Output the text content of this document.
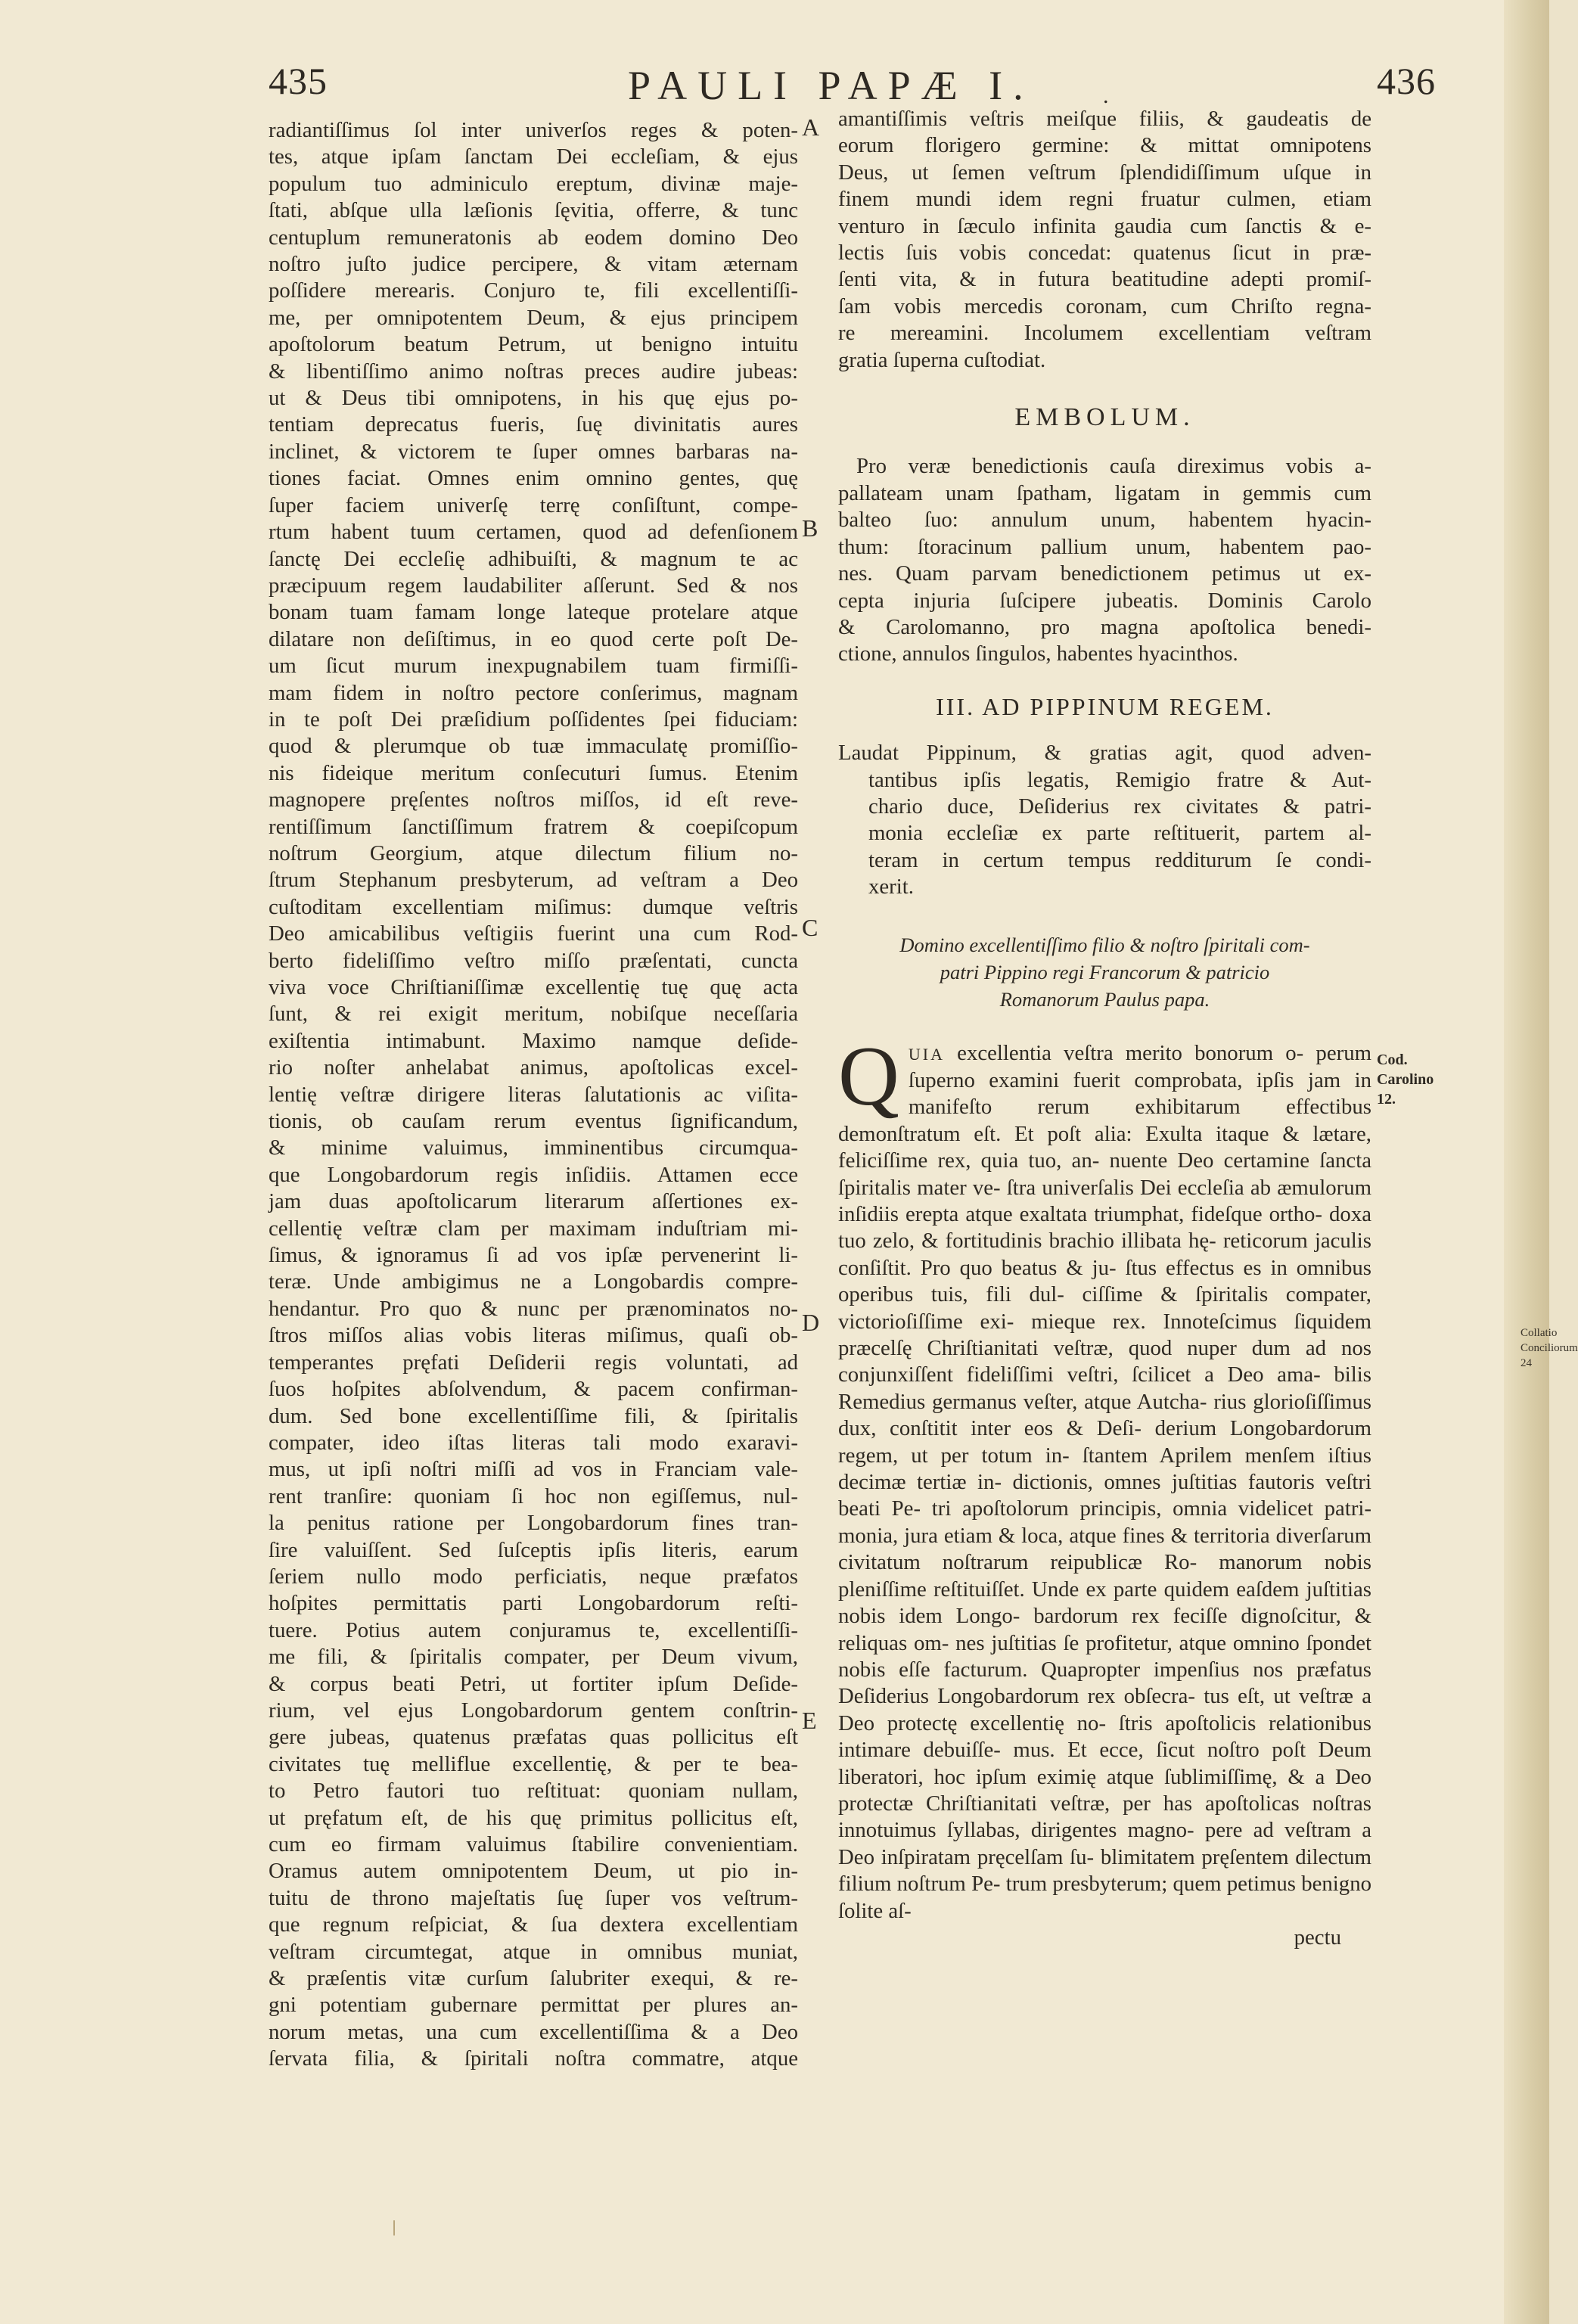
435	PAULI PAPÆ I.	.	436
radiantiſſimus ſol inter univerſos reges & poten-
tes, atque ipſam ſanctam Dei eccleſiam, & ejus
populum tuo adminiculo ereptum, divinæ maje-
ſtati, abſque ulla læſionis ſęvitia, offerre, & tunc
centuplum remuneratonis ab eodem domino Deo
noſtro juſto judice percipere, & vitam æternam
poſſidere merearis. Conjuro te, fili excellentiſſi-
me, per omnipotentem Deum, & ejus principem
apoſtolorum beatum Petrum, ut benigno intuitu
& libentiſſimo animo noſtras preces audire jubeas:
ut & Deus tibi omnipotens, in his quę ejus po-
tentiam deprecatus fueris, ſuę divinitatis aures
inclinet, & victorem te ſuper omnes barbaras na-
tiones faciat. Omnes enim omnino gentes, quę
ſuper faciem univerſę terrę conſiſtunt, compe-
rtum habent tuum certamen, quod ad defenſionem
ſanctę Dei eccleſię adhibuiſti, & magnum te ac
præcipuum regem laudabiliter aſſerunt. Sed & nos
bonam tuam famam longe lateque protelare atque
dilatare non deſiſtimus, in eo quod certe poſt De-
um ſicut murum inexpugnabilem tuam firmiſſi-
mam fidem in noſtro pectore conſerimus, magnam
in te poſt Dei præſidium poſſidentes ſpei fiduciam:
quod & plerumque ob tuæ immaculatę promiſſio-
nis fideique meritum conſecuturi ſumus. Etenim
magnopere pręſentes noſtros miſſos, id eſt reve-
rentiſſimum ſanctiſſimum fratrem & coepiſcopum
noſtrum Georgium, atque dilectum filium no-
ſtrum Stephanum presbyterum, ad veſtram a Deo
cuſtoditam excellentiam miſimus: dumque veſtris
Deo amicabilibus veſtigiis fuerint una cum Rod-
berto fideliſſimo veſtro miſſo præſentati, cuncta
viva voce Chriſtianiſſimæ excellentię tuę quę acta
ſunt, & rei exigit meritum, nobiſque neceſſaria
exiſtentia intimabunt. Maximo namque deſide-
rio noſter anhelabat animus, apoſtolicas excel-
lentię veſtræ dirigere literas ſalutationis ac viſita-
tionis, ob cauſam rerum eventus ſignificandum,
& minime valuimus, imminentibus circumqua-
que Longobardorum regis inſidiis. Attamen ecce
jam duas apoſtolicarum literarum aſſertiones ex-
cellentię veſtræ clam per maximam induſtriam mi-
ſimus, & ignoramus ſi ad vos ipſæ pervenerint li-
teræ. Unde ambigimus ne a Longobardis compre-
hendantur. Pro quo & nunc per prænominatos no-
ſtros miſſos alias vobis literas miſimus, quaſi ob-
temperantes pręfati Deſiderii regis voluntati, ad
ſuos hoſpites abſolvendum, & pacem confirman-
dum. Sed bone excellentiſſime fili, & ſpiritalis
compater, ideo iſtas literas tali modo exaravi-
mus, ut ipſi noſtri miſſi ad vos in Franciam vale-
rent tranſire: quoniam ſi hoc non egiſſemus, nul-
la penitus ratione per Longobardorum fines tran-
ſire valuiſſent. Sed ſuſceptis ipſis literis, earum
ſeriem nullo modo perficiatis, neque præfatos
hoſpites permittatis parti Longobardorum reſti-
tuere. Potius autem conjuramus te, excellentiſſi-
me fili, & ſpiritalis compater, per Deum vivum,
& corpus beati Petri, ut fortiter ipſum Deſide-
rium, vel ejus Longobardorum gentem conſtrin-
gere jubeas, quatenus præfatas quas pollicitus eſt
civitates tuę melliflue excellentię, & per te bea-
to Petro fautori tuo reſtituat: quoniam nullam,
ut pręfatum eſt, de his quę primitus pollicitus eſt,
cum eo firmam valuimus ſtabilire convenientiam.
Oramus autem omnipotentem Deum, ut pio in-
tuitu de throno majeſtatis ſuę ſuper vos veſtrum-
que regnum reſpiciat, & ſua dextera excellentiam
veſtram circumtegat, atque in omnibus muniat,
& præſentis vitæ curſum ſalubriter exequi, & re-
gni potentiam gubernare permittat per plures an-
norum metas, una cum excellentiſſima & a Deo
ſervata filia, & ſpiritali noſtra commatre, atque
A
B
C
D
E
amantiſſimis veſtris meiſque filiis, & gaudeatis de
eorum florigero germine: & mittat omnipotens
Deus, ut ſemen veſtrum ſplendidiſſimum uſque in
finem mundi idem regni fruatur culmen, etiam
venturo in ſæculo infinita gaudia cum ſanctis & e-
lectis ſuis vobis concedat: quatenus ſicut in præ-
ſenti vita, & in futura beatitudine adepti promiſ-
ſam vobis mercedis coronam, cum Chriſto regna-
re mereamini. Incolumem excellentiam veſtram
gratia ſuperna cuſtodiat.
EMBOLUM.
Pro veræ benedictionis cauſa direximus vobis a-
pallateam unam ſpatham, ligatam in gemmis cum
balteo ſuo: annulum unum, habentem hyacin-
thum: ſtoracinum pallium unum, habentem pao-
nes. Quam parvam benedictionem petimus ut ex-
cepta injuria ſuſcipere jubeatis. Dominis Carolo
& Carolomanno, pro magna apoſtolica benedi-
ctione, annulos ſingulos, habentes hyacinthos.
III. AD PIPPINUM REGEM.
Laudat Pippinum, & gratias agit, quod adven-
tantibus ipſis legatis, Remigio fratre & Aut-
chario duce, Deſiderius rex civitates & patri-
monia eccleſiæ ex parte reſtituerit, partem al-
teram in certum tempus redditurum ſe condi-
xerit.
Domino excellentiſſimo filio & noſtro ſpiritali com-
patri Pippino regi Francorum & patricio
Romanorum Paulus papa.
Q UIA excellentia veſtra merito bonorum o- perum ſuperno examini fuerit comprobata, ipſis jam in manifeſto rerum exhibitarum effectibus demonſtratum eſt. Et poſt alia: Exulta itaque & lætare, feliciſſime rex, quia tuo, an- nuente Deo certamine ſancta ſpiritalis mater ve- ſtra univerſalis Dei eccleſia ab æmulorum inſidiis erepta atque exaltata triumphat, fideſque ortho- doxa tuo zelo, & fortitudinis brachio illibata hę- reticorum jaculis conſiſtit. Pro quo beatus & ju- ſtus effectus es in omnibus operibus tuis, fili dul- ciſſime & ſpiritalis compater, victorioſiſſime exi- mieque rex. Innoteſcimus ſiquidem præcelſę Chriſtianitati veſtræ, quod nuper dum ad nos conjunxiſſent fideliſſimi veſtri, ſcilicet a Deo ama- bilis Remedius germanus veſter, atque Autcha- rius glorioſiſſimus dux, conſtitit inter eos & Deſi- derium Longobardorum regem, ut per totum in- ſtantem Aprilem menſem iſtius decimæ tertiæ in- dictionis, omnes juſtitias fautoris veſtri beati Pe- tri apoſtolorum principis, omnia videlicet patri- monia, jura etiam & loca, atque fines & territoria diverſarum civitatum noſtrarum reipublicæ Ro- manorum nobis pleniſſime reſtituiſſet. Unde ex parte quidem eaſdem juſtitias nobis idem Longo- bardorum rex feciſſe dignoſcitur, & reliquas om- nes juſtitias ſe profitetur, atque omnino ſpondet nobis eſſe facturum. Quapropter impenſius nos præfatus Deſiderius Longobardorum rex obſecra- tus eſt, ut veſtræ a Deo protectę excellentię no- ſtris apoſtolicis relationibus intimare debuiſſe- mus. Et ecce, ſicut noſtro poſt Deum liberatori, hoc ipſum eximię atque ſublimiſſimę, & a Deo protectæ Chriſtianitati veſtræ, per has apoſtolicas noſtras innotuimus ſyllabas, dirigentes magno- pere ad veſtram a Deo inſpiratam pręcelſam ſu- blimitatem pręſentem dilectum filium noſtrum Pe- trum presbyterum; quem petimus benigno ſolite aſ-
pectu
Cod. Carolino 12.
Collatio Conciliorum 24
